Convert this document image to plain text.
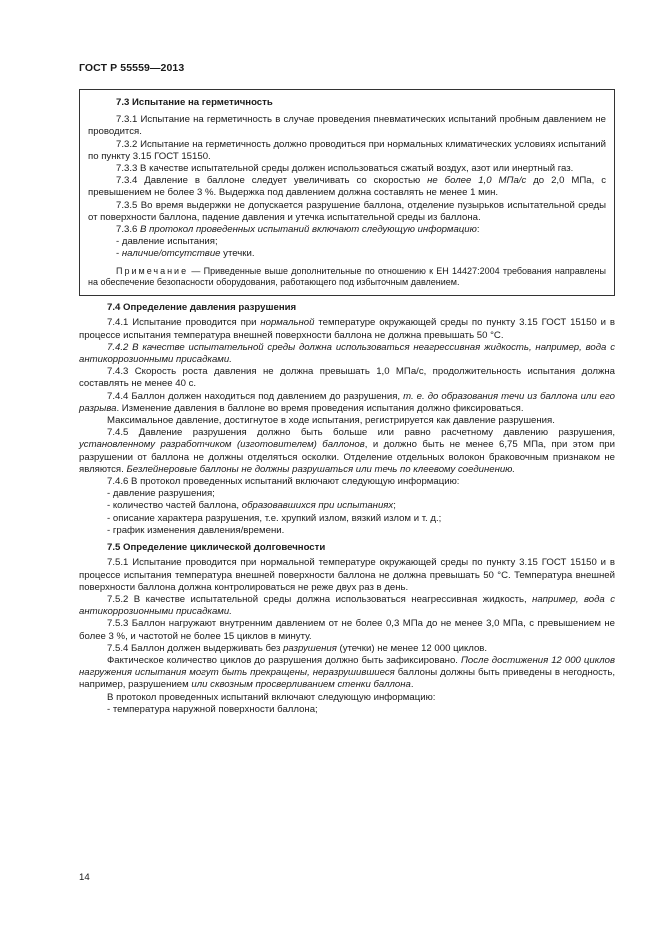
ГОСТ Р 55559—2013

7.3 Испытание на герметичность

7.3.1 Испытание на герметичность в случае проведения пневматических испытаний пробным давлением не проводится.

7.3.2 Испытание на герметичность должно проводиться при нормальных климатических условиях испытаний по пункту 3.15 ГОСТ 15150.

7.3.3 В качестве испытательной среды должен использоваться сжатый воздух, азот или инертный газ.

7.3.4 Давление в баллоне следует увеличивать со скоростью не более 1,0 МПа/с до 2,0 МПа, с превышением не более 3 %. Выдержка под давлением должна составлять не менее 1 мин.

7.3.5 Во время выдержки не допускается разрушение баллона, отделение пузырьков испытательной среды от поверхности баллона, падение давления и утечка испытательной среды из баллона.

7.3.6 В протокол проведенных испытаний включают следующую информацию:

- давление испытания;

- наличие/отсутствие утечки.

Примечание — Приведенные выше дополнительные по отношению к ЕН 14427:2004 требования направлены на обеспечение безопасности оборудования, работающего под избыточным давлением.

7.4 Определение давления разрушения

7.4.1 Испытание проводится при нормальной температуре окружающей среды по пункту 3.15 ГОСТ 15150 и в процессе испытания температура внешней поверхности баллона не должна превышать 50 °С.

7.4.2 В качестве испытательной среды должна использоваться неагрессивная жидкость, например, вода с антикоррозионными присадками.

7.4.3 Скорость роста давления не должна превышать 1,0 МПа/с, продолжительность испытания должна составлять не менее 40 с.

7.4.4 Баллон должен находиться под давлением до разрушения, т. е. до образования течи из баллона или его разрыва. Изменение давления в баллоне во время проведения испытания должно фиксироваться.

Максимальное давление, достигнутое в ходе испытания, регистрируется как давление разрушения.

7.4.5 Давление разрушения должно быть больше или равно расчетному давлению разрушения, установленному разработчиком (изготовителем) баллонов, и должно быть не менее 6,75 МПа, при этом при разрушении от баллона не должны отделяться осколки. Отделение отдельных волокон браковочным признаком не являются. Безлейнеровые баллоны не должны разрушаться или течь по клеевому соединению.

7.4.6 В протокол проведенных испытаний включают следующую информацию:

- давление разрушения;

- количество частей баллона, образовавшихся при испытаниях;

- описание характера разрушения, т.е. хрупкий излом, вязкий излом и т. д.;

- график изменения давления/времени.

7.5 Определение циклической долговечности

7.5.1 Испытание проводится при нормальной температуре окружающей среды по пункту 3.15 ГОСТ 15150 и в процессе испытания температура внешней поверхности баллона не должна превышать 50 °С. Температура внешней поверхности баллона должна контролироваться не реже двух раз в день.

7.5.2 В качестве испытательной среды должна использоваться неагрессивная жидкость, например, вода с антикоррозионными присадками.

7.5.3 Баллон нагружают внутренним давлением от не более 0,3 МПа до не менее 3,0 МПа, с превышением не более 3 %, и частотой не более 15 циклов в минуту.

7.5.4 Баллон должен выдерживать без разрушения (утечки) не менее 12 000 циклов.

Фактическое количество циклов до разрушения должно быть зафиксировано. После достижения 12 000 циклов нагружения испытания могут быть прекращены, неразрушившиеся баллоны должны быть приведены в негодность, например, разрушением или сквозным просверливанием стенки баллона.

В протокол проведенных испытаний включают следующую информацию:

- температура наружной поверхности баллона;

14
